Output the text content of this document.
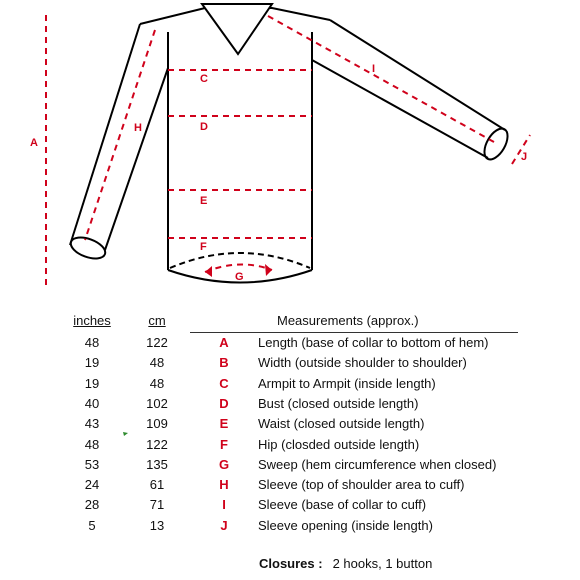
A
C
D
E
F
G
H
I
J
inches	cm	Measurements (approx.)
48	122	A	Length (base of collar to bottom of hem)
19	48	B	Width (outside shoulder to shoulder)
19	48	C	Armpit to Armpit (inside length)
40	102	D	Bust (closed outside length)
43	109	E	Waist (closed outside length)
48	122	F	Hip (closded outside length)
53	135	G	Sweep (hem circumference when closed)
24	61	H	Sleeve (top of shoulder area to cuff)
28	71	I	Sleeve (base of collar to cuff)
5	13	J	Sleeve opening (inside length)
Closures : 2 hooks, 1 button
